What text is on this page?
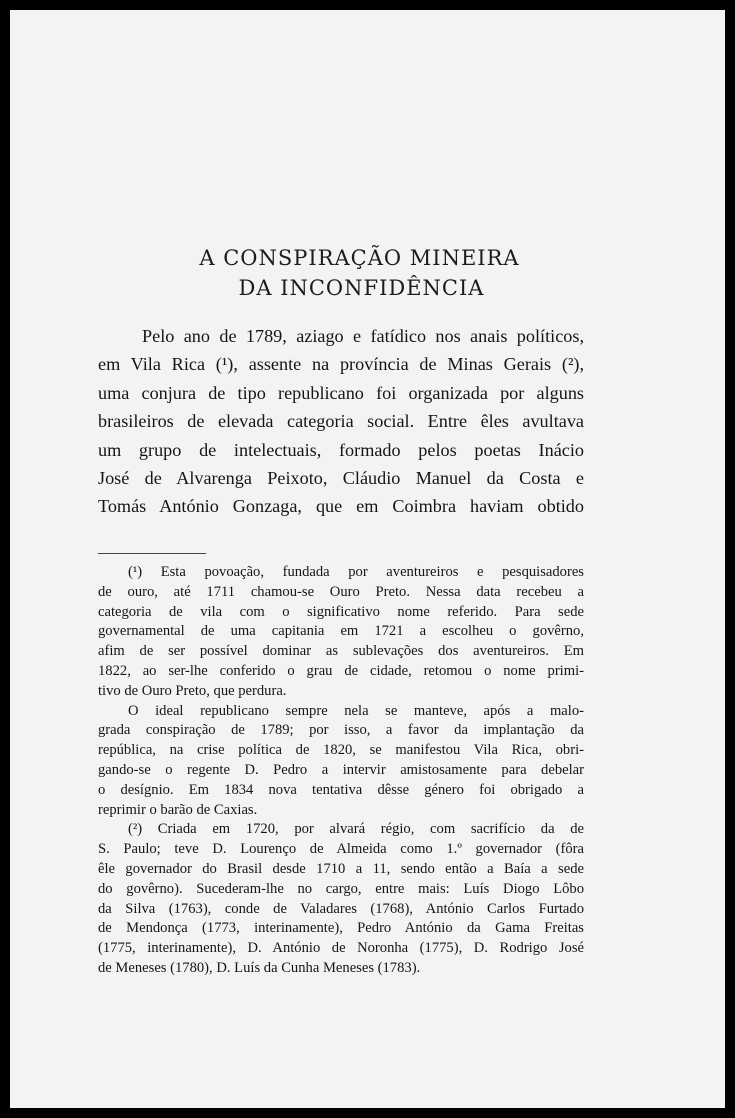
A CONSPIRAÇÃO MINEIRA
DA INCONFIDÊNCIA
Pelo ano de 1789, aziago e fatídico nos anais políticos,
em Vila Rica (¹), assente na província de Minas Gerais (²),
uma conjura de tipo republicano foi organizada por alguns
brasileiros de elevada categoria social. Entre êles avultava
um grupo de intelectuais, formado pelos poetas Inácio
José de Alvarenga Peixoto, Cláudio Manuel da Costa e
Tomás António Gonzaga, que em Coimbra haviam obtido
(¹) Esta povoação, fundada por aventureiros e pesquisadores
de ouro, até 1711 chamou-se Ouro Preto. Nessa data recebeu a
categoria de vila com o significativo nome referido. Para sede
governamental de uma capitania em 1721 a escolheu o govêrno,
afim de ser possível dominar as sublevações dos aventureiros. Em
1822, ao ser-lhe conferido o grau de cidade, retomou o nome primi-
tivo de Ouro Preto, que perdura.
O ideal republicano sempre nela se manteve, após a malo-
grada conspiração de 1789; por isso, a favor da implantação da
república, na crise política de 1820, se manifestou Vila Rica, obri-
gando-se o regente D. Pedro a intervir amistosamente para debelar
o desígnio. Em 1834 nova tentativa dêsse género foi obrigado a
reprimir o barão de Caxias.
(²) Criada em 1720, por alvará régio, com sacrifício da de
S. Paulo; teve D. Lourenço de Almeida como 1.º governador (fôra
êle governador do Brasil desde 1710 a 11, sendo então a Baía a sede
do govêrno). Sucederam-lhe no cargo, entre mais: Luís Diogo Lôbo
da Silva (1763), conde de Valadares (1768), António Carlos Furtado
de Mendonça (1773, interinamente), Pedro António da Gama Freitas
(1775, interinamente), D. António de Noronha (1775), D. Rodrigo José
de Meneses (1780), D. Luís da Cunha Meneses (1783).
